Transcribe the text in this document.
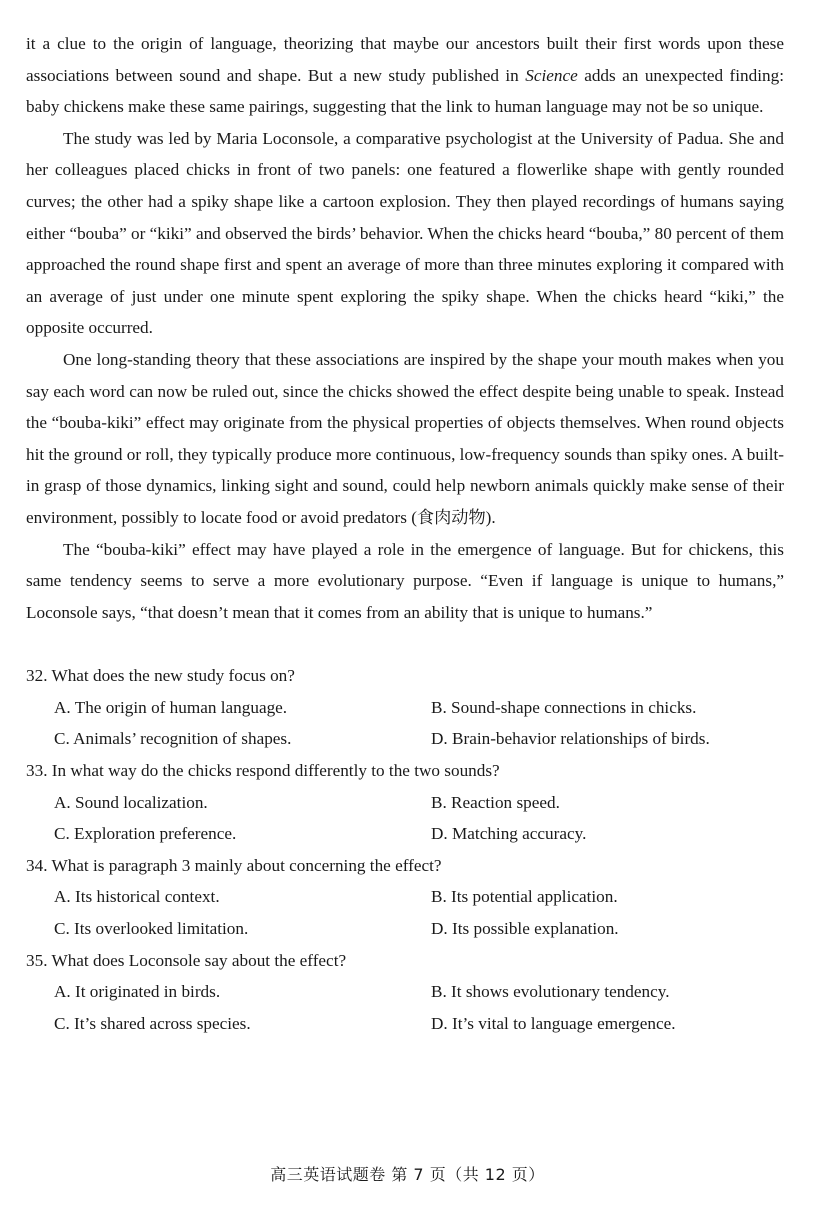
it a clue to the origin of language, theorizing that maybe our ancestors built their first words upon these associations between sound and shape. But a new study published in Science adds an unexpected finding: baby chickens make these same pairings, suggesting that the link to human language may not be so unique.

The study was led by Maria Loconsole, a comparative psychologist at the University of Padua. She and her colleagues placed chicks in front of two panels: one featured a flowerlike shape with gently rounded curves; the other had a spiky shape like a cartoon explosion. They then played recordings of humans saying either “bouba” or “kiki” and observed the birds’ behavior. When the chicks heard “bouba,” 80 percent of them approached the round shape first and spent an average of more than three minutes exploring it compared with an average of just under one minute spent exploring the spiky shape. When the chicks heard “kiki,” the opposite occurred.

One long-standing theory that these associations are inspired by the shape your mouth makes when you say each word can now be ruled out, since the chicks showed the effect despite being unable to speak. Instead the “bouba-kiki” effect may originate from the physical properties of objects themselves. When round objects hit the ground or roll, they typically produce more continuous, low-frequency sounds than spiky ones. A built-in grasp of those dynamics, linking sight and sound, could help newborn animals quickly make sense of their environment, possibly to locate food or avoid predators (食肉动物).

The “bouba-kiki” effect may have played a role in the emergence of language. But for chickens, this same tendency seems to serve a more evolutionary purpose. “Even if language is unique to humans,” Loconsole says, “that doesn’t mean that it comes from an ability that is unique to humans.”

32. What does the new study focus on?

A. The origin of human language.	B. Sound-shape connections in chicks.
C. Animals’ recognition of shapes.	D. Brain-behavior relationships of birds.

33. In what way do the chicks respond differently to the two sounds?

A. Sound localization.	B. Reaction speed.
C. Exploration preference.	D. Matching accuracy.

34. What is paragraph 3 mainly about concerning the effect?

A. Its historical context.	B. Its potential application.
C. Its overlooked limitation.	D. Its possible explanation.

35. What does Loconsole say about the effect?

A. It originated in birds.	B. It shows evolutionary tendency.
C. It’s shared across species.	D. It’s vital to language emergence.
高三英语试题卷 第 7 页（共 12 页）
